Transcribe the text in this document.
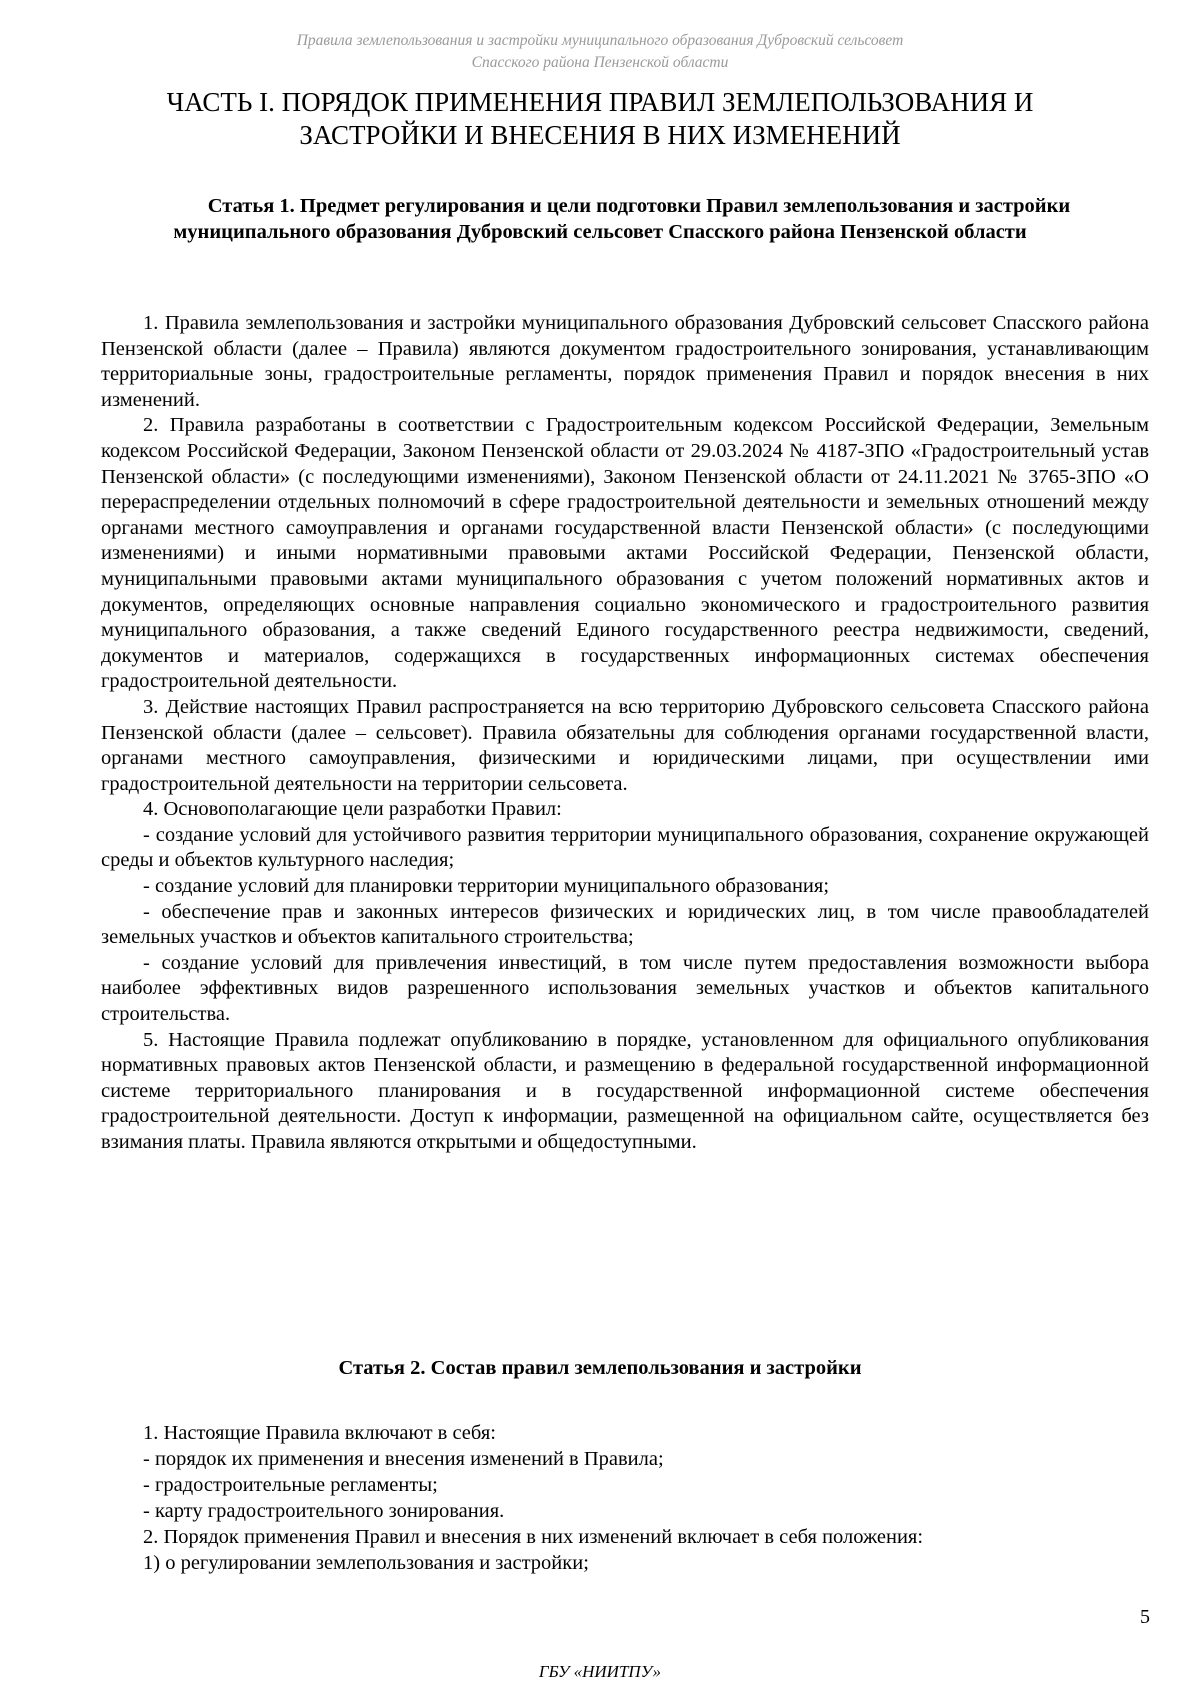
Правила землепользования и застройки муниципального образования Дубровский сельсовет
Спасского района Пензенской области
ЧАСТЬ I. ПОРЯДОК ПРИМЕНЕНИЯ ПРАВИЛ ЗЕМЛЕПОЛЬЗОВАНИЯ И
ЗАСТРОЙКИ И ВНЕСЕНИЯ В НИХ ИЗМЕНЕНИЙ
Статья 1. Предмет регулирования и цели подготовки Правил землепользования и застройки муниципального образования Дубровский сельсовет Спасского района Пензенской области

1. Правила землепользования и застройки муниципального образования Дубровский сельсовет Спасского района Пензенской области (далее – Правила) являются документом градостроительного зонирования, устанавливающим территориальные зоны, градостроительные регламенты, порядок применения Правил и порядок внесения в них изменений.

2. Правила разработаны в соответствии с Градостроительным кодексом Российской Федерации, Земельным кодексом Российской Федерации, Законом Пензенской области от 29.03.2024 № 4187-ЗПО «Градостроительный устав Пензенской области» (с последующими изменениями), Законом Пензенской области от 24.11.2021 № 3765-ЗПО «О перераспределении отдельных полномочий в сфере градостроительной деятельности и земельных отношений между органами местного самоуправления и органами государственной власти Пензенской области» (с последующими изменениями) и иными нормативными правовыми актами Российской Федерации, Пензенской области, муниципальными правовыми актами муниципального образования с учетом положений нормативных актов и документов, определяющих основные направления социально экономического и градостроительного развития муниципального образования, а также сведений Единого государственного реестра недвижимости, сведений, документов и материалов, содержащихся в государственных информационных системах обеспечения градостроительной деятельности.

3. Действие настоящих Правил распространяется на всю территорию Дубровского сельсовета Спасского района Пензенской области (далее – сельсовет). Правила обязательны для соблюдения органами государственной власти, органами местного самоуправления, физическими и юридическими лицами, при осуществлении ими градостроительной деятельности на территории сельсовета.

4. Основополагающие цели разработки Правил:

- создание условий для устойчивого развития территории муниципального образования, сохранение окружающей среды и объектов культурного наследия;

- создание условий для планировки территории муниципального образования;

- обеспечение прав и законных интересов физических и юридических лиц, в том числе правообладателей земельных участков и объектов капитального строительства;

- создание условий для привлечения инвестиций, в том числе путем предоставления возможности выбора наиболее эффективных видов разрешенного использования земельных участков и объектов капитального строительства.

5. Настоящие Правила подлежат опубликованию в порядке, установленном для официального опубликования нормативных правовых актов Пензенской области, и размещению в федеральной государственной информационной системе территориального планирования и в государственной информационной системе обеспечения градостроительной деятельности. Доступ к информации, размещенной на официальном сайте, осуществляется без взимания платы. Правила являются открытыми и общедоступными.

Статья 2. Состав правил землепользования и застройки

1. Настоящие Правила включают в себя:

- порядок их применения и внесения изменений в Правила;

- градостроительные регламенты;

- карту градостроительного зонирования.

2. Порядок применения Правил и внесения в них изменений включает в себя положения:

1) о регулировании землепользования и застройки;

5
ГБУ «НИИТПУ»
